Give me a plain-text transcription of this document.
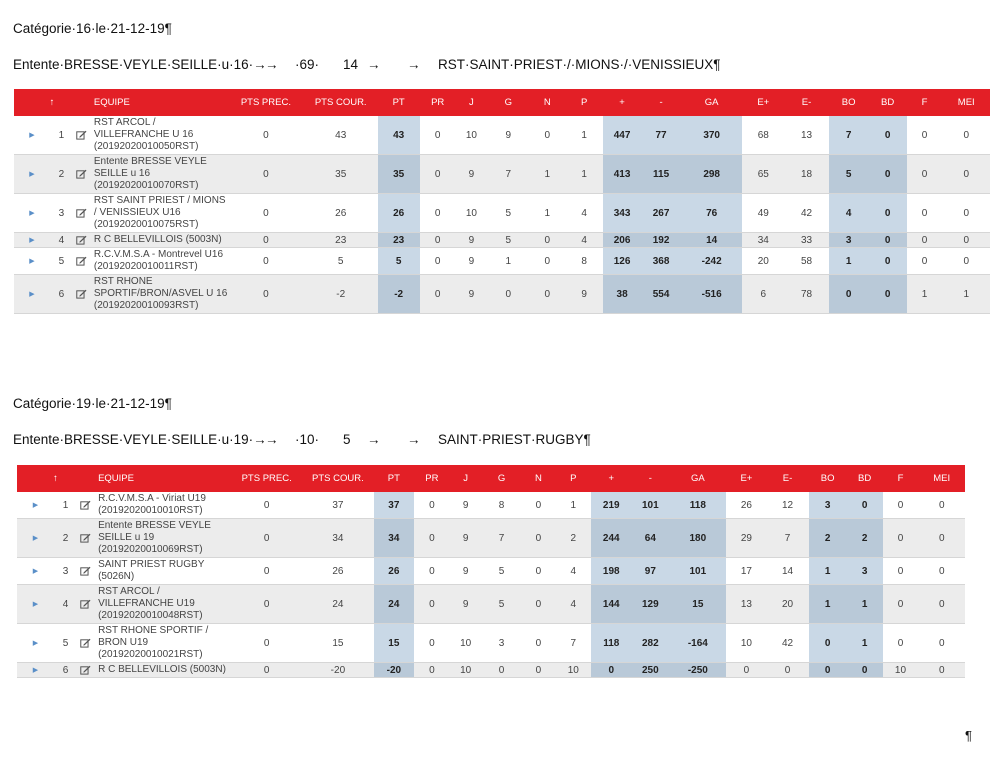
Catégorie·16·le·21-12-19¶

Entente·BRESSE·VEYLE·SEILLE·u·16·→

→

·69·

14

→

→

RST·SAINT·PRIEST·/·MIONS·/·VENISSIEUX¶

↑			EQUIPE	PTS PREC.	PTS COUR.	PT	PR	J	G	N	P	+	-	GA	E+	E-	BO	BD	F	MEI
▶	1		RST ARCOL / VILLEFRANCHE U 16 (20192020010050RST)	0	43	43	0	10	9	0	1	447	77	370	68	13	7	0	0	0
▶	2		Entente BRESSE VEYLE SEILLE u 16 (20192020010070RST)	0	35	35	0	9	7	1	1	413	115	298	65	18	5	0	0	0
▶	3		RST SAINT PRIEST / MIONS / VENISSIEUX U16 (20192020010075RST)	0	26	26	0	10	5	1	4	343	267	76	49	42	4	0	0	0
▶	4		R C BELLEVILLOIS (5003N)	0	23	23	0	9	5	0	4	206	192	14	34	33	3	0	0	0
▶	5		R.C.V.M.S.A - Montrevel U16 (20192020010011RST)	0	5	5	0	9	1	0	8	126	368	-242	20	58	1	0	0	0
▶	6		RST RHONE SPORTIF/BRON/ASVEL U 16 (20192020010093RST)	0	-2	-2	0	9	0	0	9	38	554	-516	6	78	0	0	1	1
Catégorie·19·le·21-12-19¶

Entente·BRESSE·VEYLE·SEILLE·u·19·→

→

·10·

5

→

→

SAINT·PRIEST·RUGBY¶

↑			EQUIPE	PTS PREC.	PTS COUR.	PT	PR	J	G	N	P	+	-	GA	E+	E-	BO	BD	F	MEI
▶	1		R.C.V.M.S.A - Viriat U19 (20192020010010RST)	0	37	37	0	9	8	0	1	219	101	118	26	12	3	0	0	0
▶	2		Entente BRESSE VEYLE SEILLE u 19 (20192020010069RST)	0	34	34	0	9	7	0	2	244	64	180	29	7	2	2	0	0
▶	3		SAINT PRIEST RUGBY (5026N)	0	26	26	0	9	5	0	4	198	97	101	17	14	1	3	0	0
▶	4		RST ARCOL / VILLEFRANCHE U19 (20192020010048RST)	0	24	24	0	9	5	0	4	144	129	15	13	20	1	1	0	0
▶	5		RST RHONE SPORTIF / BRON U19 (20192020010021RST)	0	15	15	0	10	3	0	7	118	282	-164	10	42	0	1	0	0
▶	6		R C BELLEVILLOIS (5003N)	0	-20	-20	0	10	0	0	10	0	250	-250	0	0	0	0	10	0
¶
